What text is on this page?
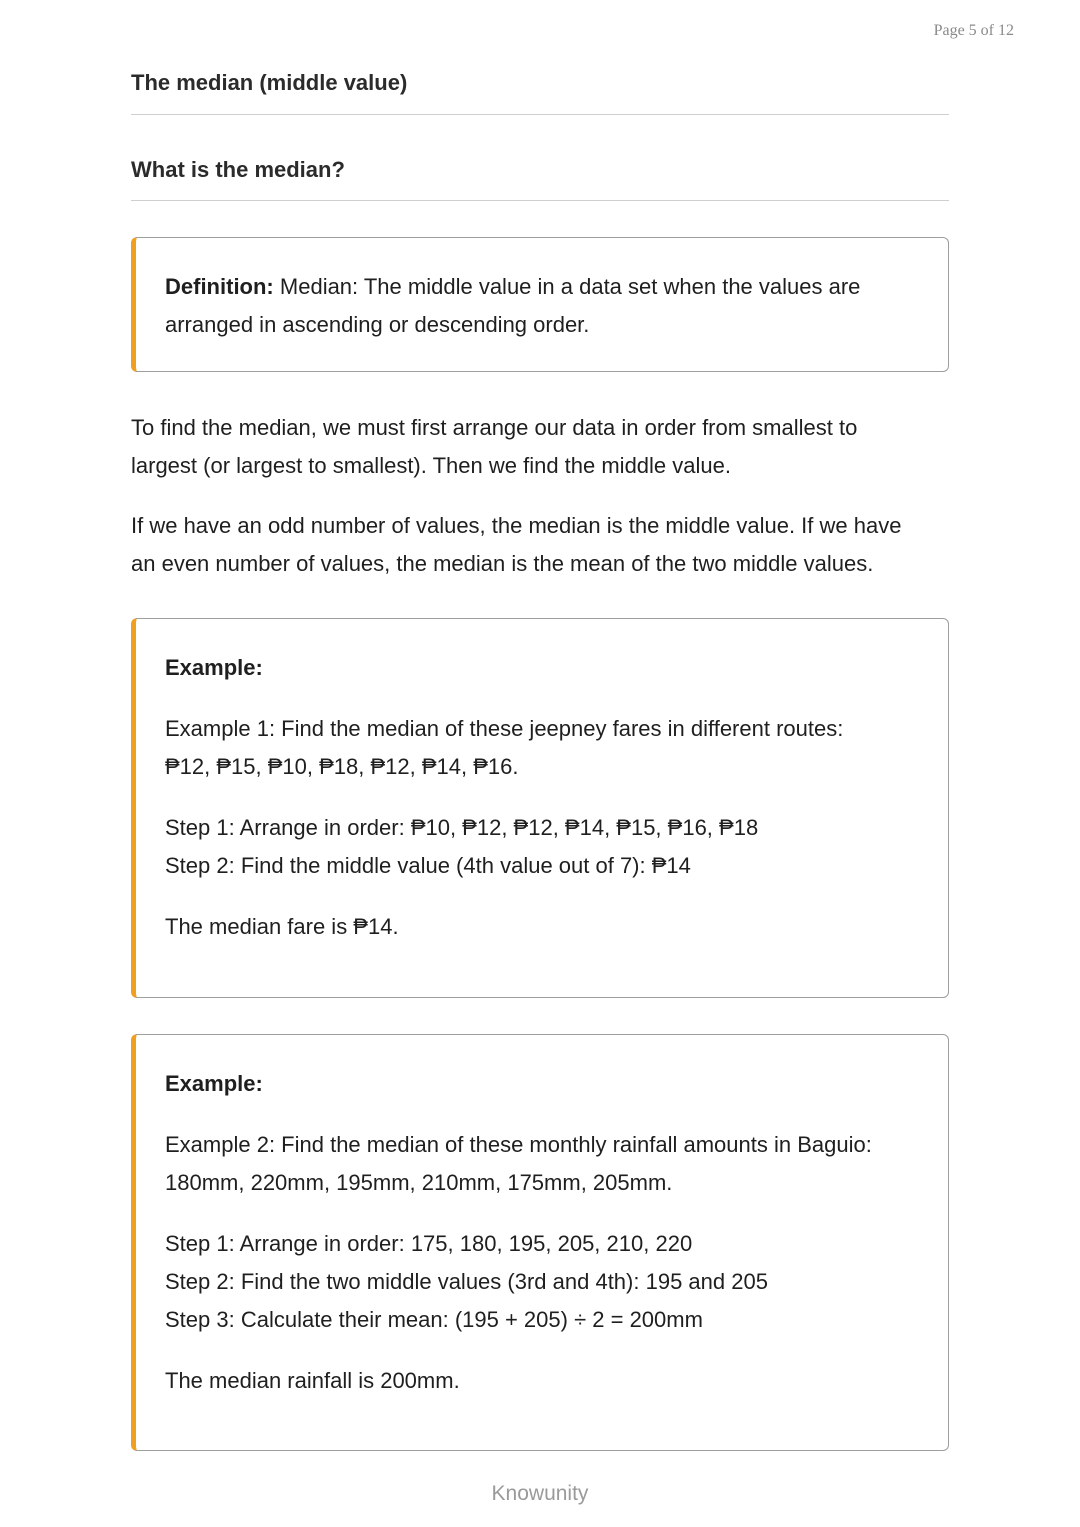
Page 5 of 12
The median (middle value)
What is the median?

Definition: Median: The middle value in a data set when the values are

arranged in ascending or descending order.

To find the median, we must first arrange our data in order from smallest to
largest (or largest to smallest). Then we find the middle value.

If we have an odd number of values, the median is the middle value. If we have
an even number of values, the median is the mean of the two middle values.

Example:

Example 1: Find the median of these jeepney fares in different routes:

₱12, ₱15, ₱10, ₱18, ₱12, ₱14, ₱16.

Step 1: Arrange in order: ₱10, ₱12, ₱12, ₱14, ₱15, ₱16, ₱18

Step 2: Find the middle value (4th value out of 7): ₱14

The median fare is ₱14.

Example:

Example 2: Find the median of these monthly rainfall amounts in Baguio:

180mm, 220mm, 195mm, 210mm, 175mm, 205mm.

Step 1: Arrange in order: 175, 180, 195, 205, 210, 220

Step 2: Find the two middle values (3rd and 4th): 195 and 205

Step 3: Calculate their mean: (195 + 205) ÷ 2 = 200mm

The median rainfall is 200mm.

Knowunity
